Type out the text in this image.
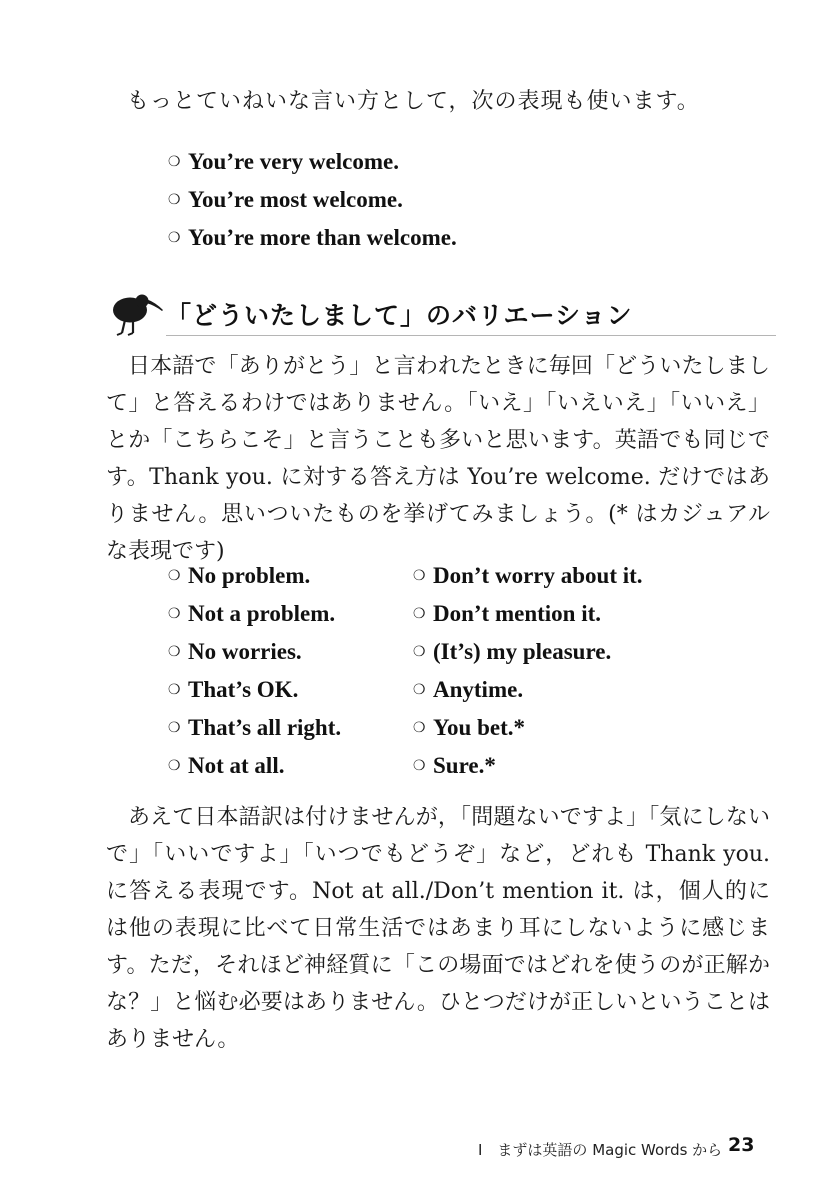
もっとていねいな言い方として，次の表現も使います。

❍ You’re very welcome.
❍ You’re most welcome.
❍ You’re more than welcome.
「どういたしまして」のバリエーション

日本語で「ありがとう」と言われたときに毎回「どういたしまして」と答えるわけではありません。「いえ」「いえいえ」「いいえ」とか「こちらこそ」と言うことも多いと思います。英語でも同じです。Thank you. に対する答え方は You’re welcome. だけではありません。思いついたものを挙げてみましょう。(* はカジュアルな表現です)

❍ No problem.
❍ Not a problem.
❍ No worries.
❍ That’s OK.
❍ That’s all right.
❍ Not at all.
❍ Don’t worry about it.
❍ Don’t mention it.
❍ (It’s) my pleasure.
❍ Anytime.
❍ You bet.*
❍ Sure.*

あえて日本語訳は付けませんが，「問題ないですよ」「気にしないで」「いいですよ」「いつでもどうぞ」など，どれも Thank you. に答える表現です。Not at all./Don’t mention it. は，個人的には他の表現に比べて日常生活ではあまり耳にしないように感じます。ただ，それほど神経質に「この場面ではどれを使うのが正解かな？」と悩む必要はありません。ひとつだけが正しいということはありません。

Ⅰ　まずは英語の Magic Words から 23
